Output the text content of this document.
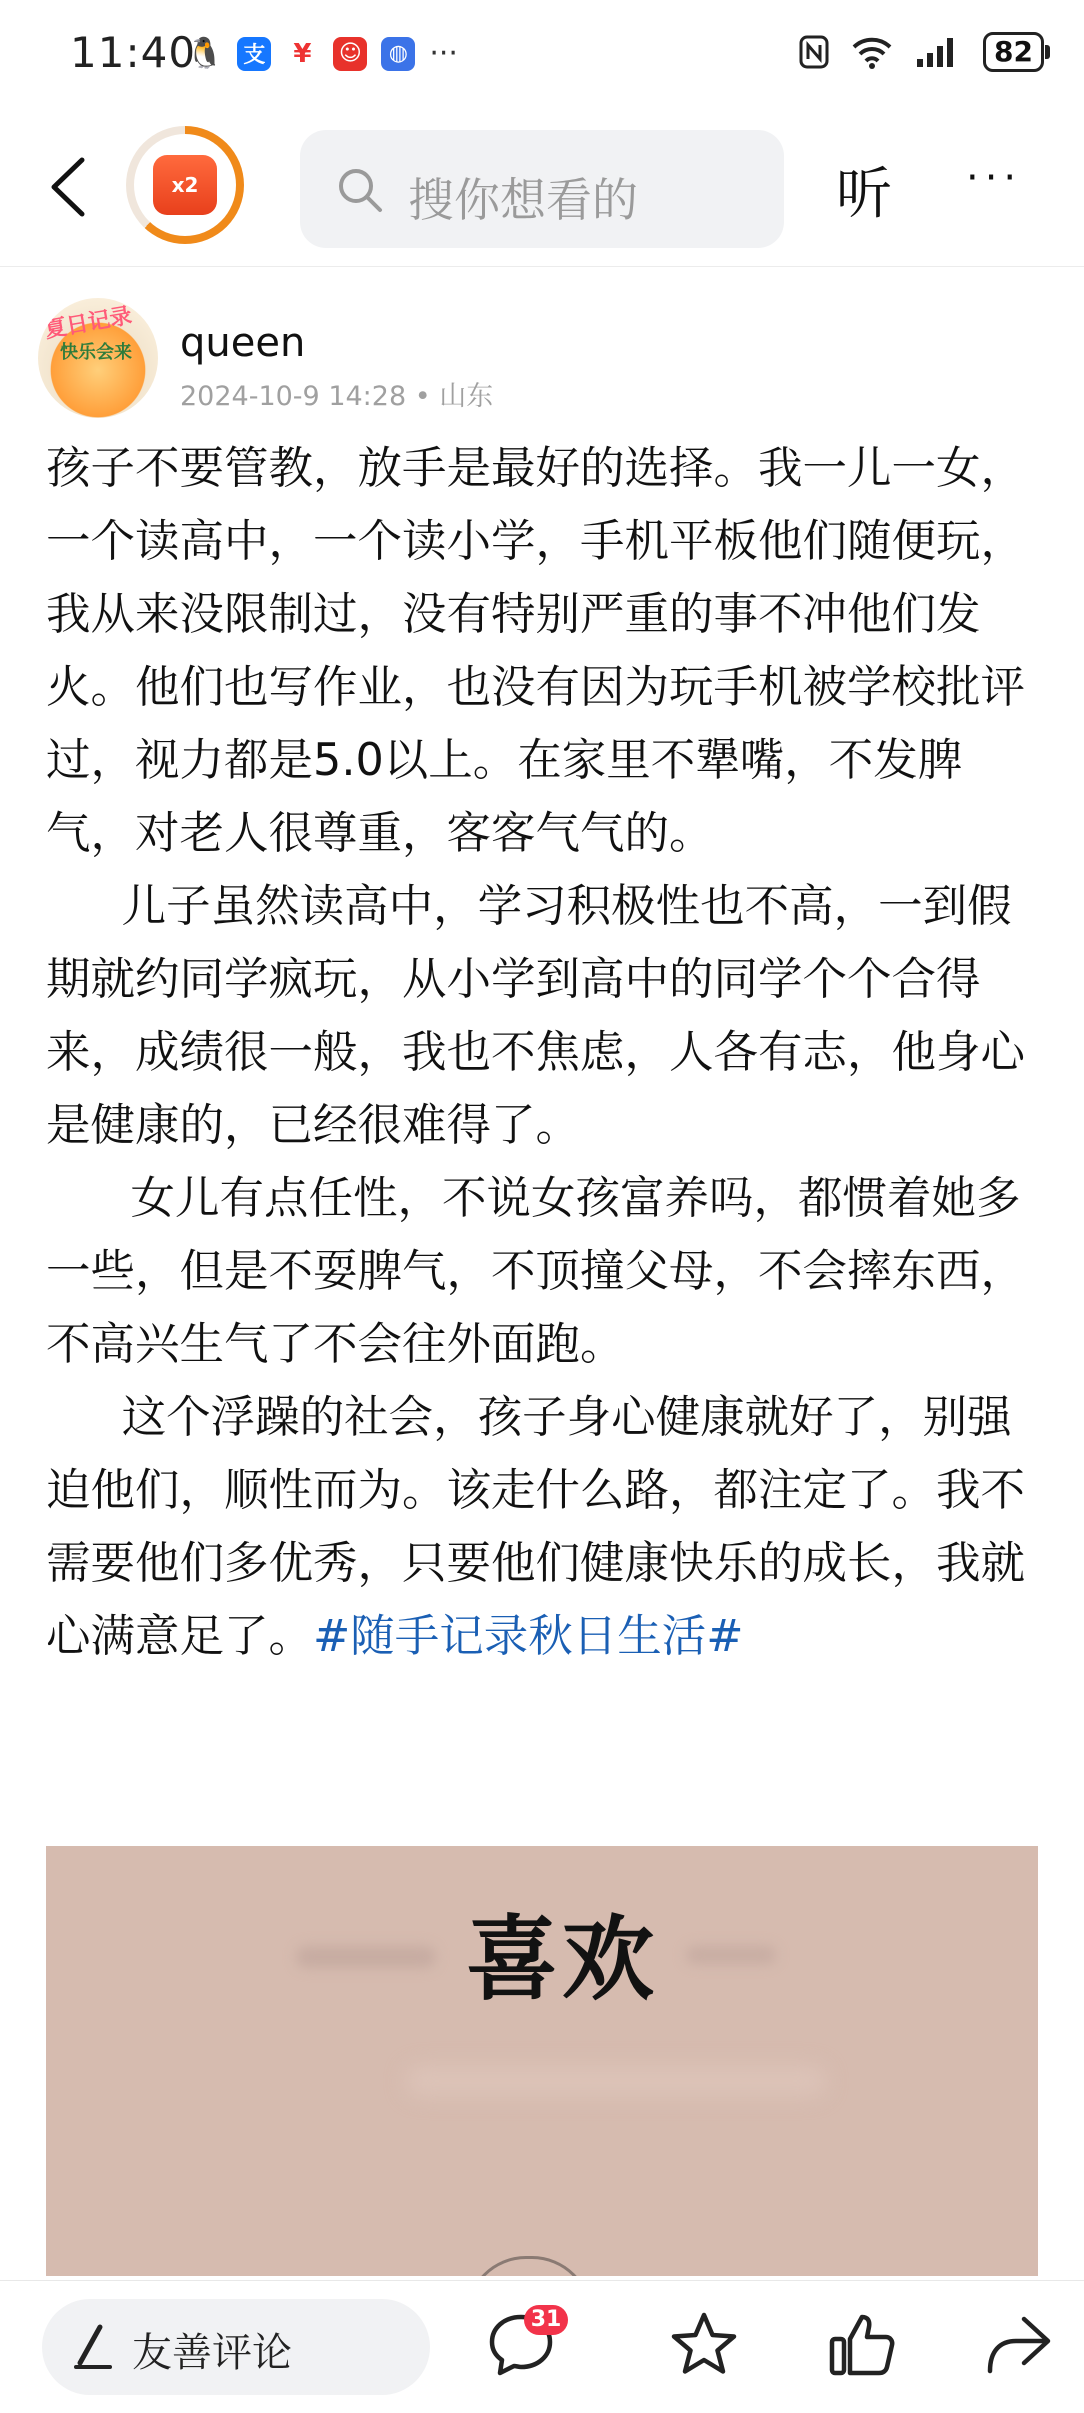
11:40
🐧 支	¥	☺	◍ ···	82
x2	搜你想看的	听 ···
夏日记录
快乐会来 queen
2024-10-9 14:28 • 山东

孩子不要管教，放手是最好的选择。我一儿一女，一个读高中，一个读小学，手机平板他们随便玩，我从来没限制过，没有特别严重的事不冲他们发火。他们也写作业，也没有因为玩手机被学校批评过，视力都是5.0以上。在家里不犟嘴，不发脾气，对老人很尊重，客客气气的。

儿子虽然读高中，学习积极性也不高，一到假期就约同学疯玩，从小学到高中的同学个个合得来，成绩很一般，我也不焦虑，人各有志，他身心是健康的，已经很难得了。

女儿有点任性，不说女孩富养吗，都惯着她多一些，但是不耍脾气，不顶撞父母，不会摔东西，不高兴生气了不会往外面跑。

这个浮躁的社会，孩子身心健康就好了，别强迫他们，顺性而为。该走什么路，都注定了。我不需要他们多优秀，只要他们健康快乐的成长，我就心满意足了。#随手记录秋日生活#

喜欢
友善评论
31
